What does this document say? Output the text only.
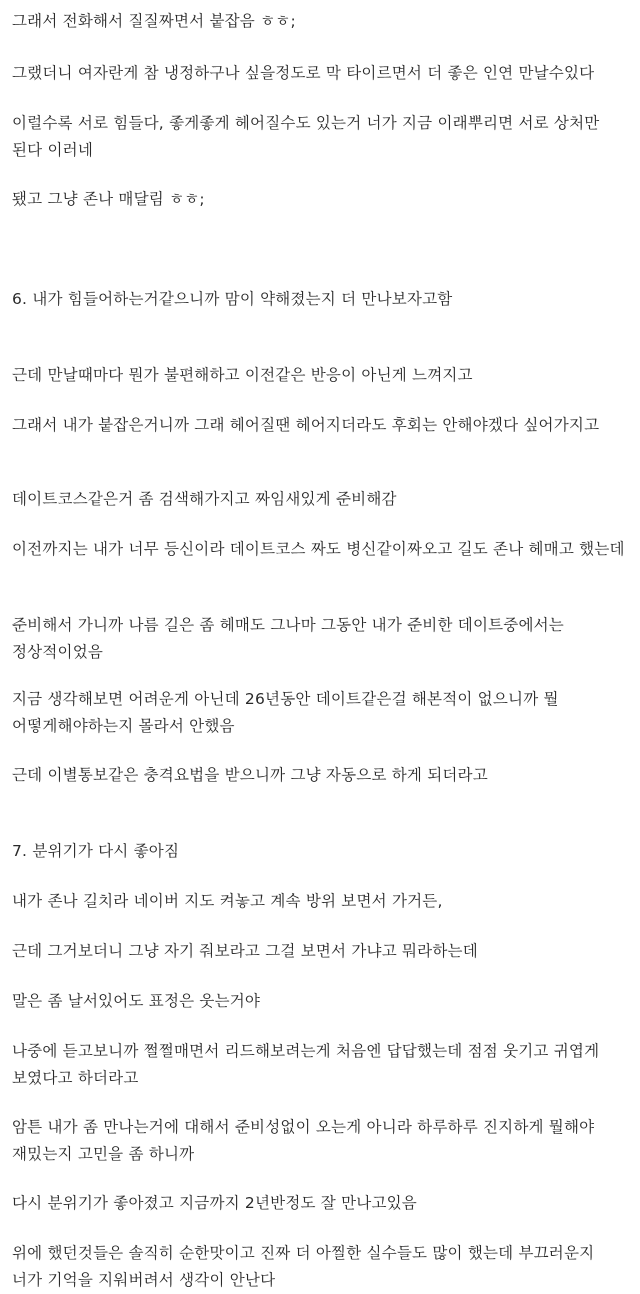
그래서 전화해서 질질짜면서 붙잡음 ㅎㅎ;

그랬더니 여자란게 참 냉정하구나 싶을정도로 막 타이르면서 더 좋은 인연 만날수있다

이럴수록 서로 힘들다, 좋게좋게 헤어질수도 있는거 너가 지금 이래뿌리면 서로 상처만 된다 이러네

됐고 그냥 존나 매달림 ㅎㅎ;

6. 내가 힘들어하는거같으니까 맘이 약해졌는지 더 만나보자고함

근데 만날때마다 뭔가 불편해하고 이전같은 반응이 아닌게 느껴지고

그래서 내가 붙잡은거니까 그래 헤어질땐 헤어지더라도 후회는 안해야겠다 싶어가지고

데이트코스같은거 좀 검색해가지고 짜임새있게 준비해감

이전까지는 내가 너무 등신이라 데이트코스 짜도 병신같이짜오고 길도 존나 헤매고 했는데

준비해서 가니까 나름 길은 좀 헤매도 그나마 그동안 내가 준비한 데이트중에서는 정상적이었음

지금 생각해보면 어려운게 아닌데 26년동안 데이트같은걸 해본적이 없으니까 뭘 어떻게해야하는지 몰라서 안했음

근데 이별통보같은 충격요법을 받으니까 그냥 자동으로 하게 되더라고

7. 분위기가 다시 좋아짐

내가 존나 길치라 네이버 지도 켜놓고 계속 방위 보면서 가거든,

근데 그거보더니 그냥 자기 줘보라고 그걸 보면서 가냐고 뭐라하는데

말은 좀 날서있어도 표정은 웃는거야

나중에 듣고보니까 쩔쩔매면서 리드해보려는게 처음엔 답답했는데 점점 웃기고 귀엽게 보였다고 하더라고

암튼 내가 좀 만나는거에 대해서 준비성없이 오는게 아니라 하루하루 진지하게 뭘해야 재밌는지 고민을 좀 하니까

다시 분위기가 좋아졌고 지금까지 2년반정도 잘 만나고있음

위에 했던것들은 솔직히 순한맛이고 진짜 더 아찔한 실수들도 많이 했는데 부끄러운지 너가 기억을 지워버려서 생각이 안난다
